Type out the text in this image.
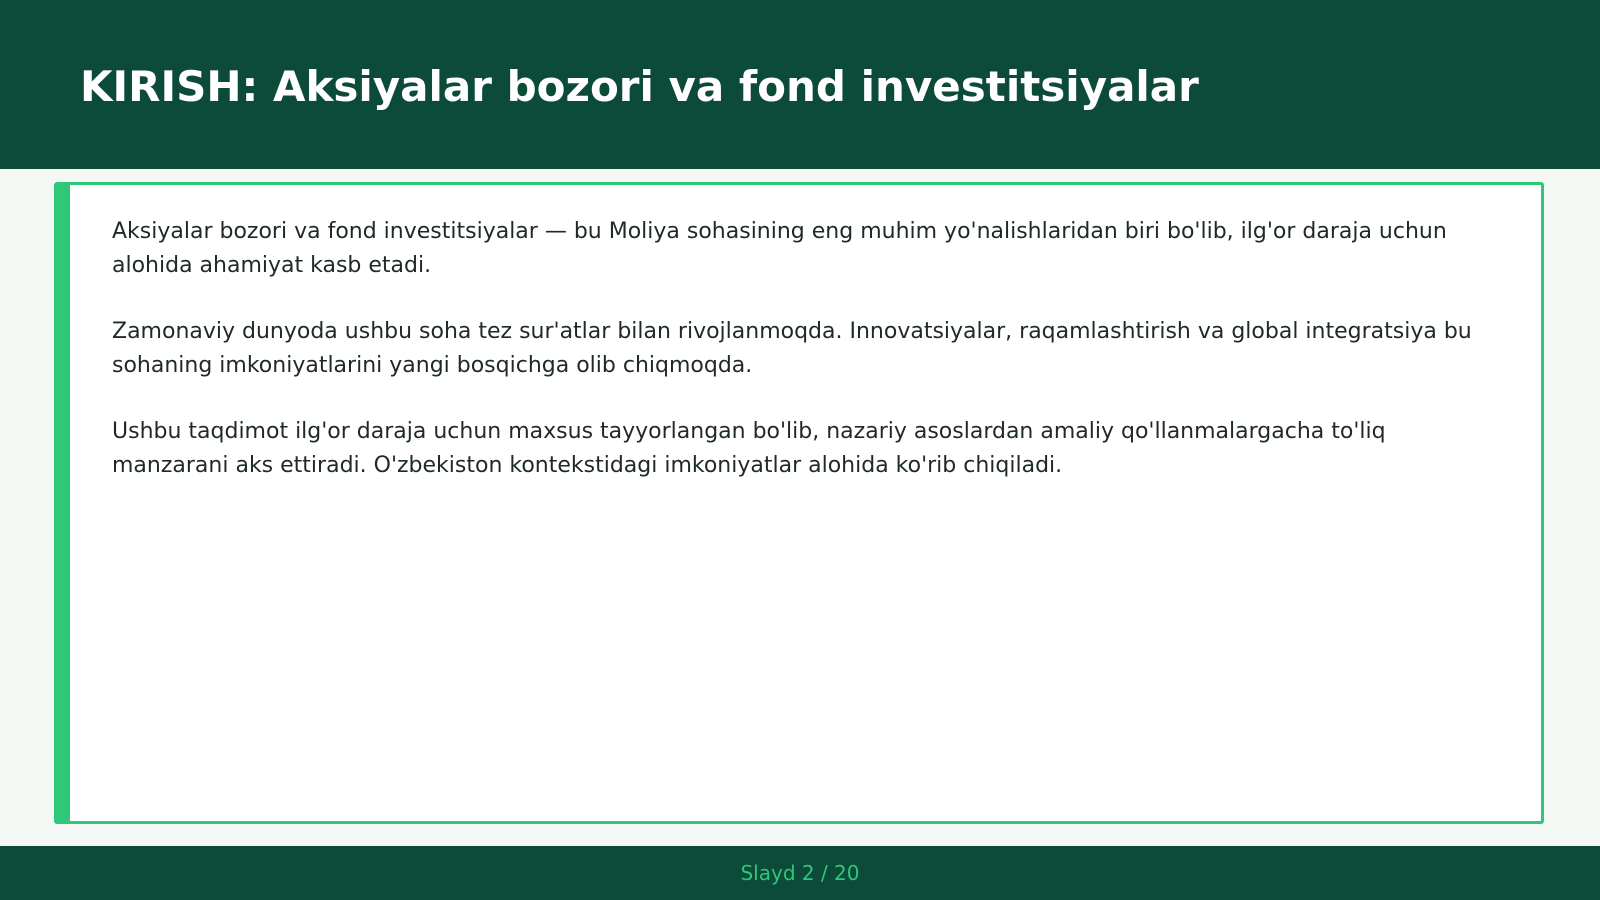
KIRISH: Aksiyalar bozori va fond investitsiyalar

Aksiyalar bozori va fond investitsiyalar — bu Moliya sohasining eng muhim yo'nalishlaridan biri bo'lib, ilg'or daraja uchun alohida ahamiyat kasb etadi.

Zamonaviy dunyoda ushbu soha tez sur'atlar bilan rivojlanmoqda. Innovatsiyalar, raqamlashtirish va global integratsiya bu sohaning imkoniyatlarini yangi bosqichga olib chiqmoqda.

Ushbu taqdimot ilg'or daraja uchun maxsus tayyorlangan bo'lib, nazariy asoslardan amaliy qo'llanmalargacha to'liq manzarani aks ettiradi. O'zbekiston kontekstidagi imkoniyatlar alohida ko'rib chiqiladi.

Slayd 2 / 20
